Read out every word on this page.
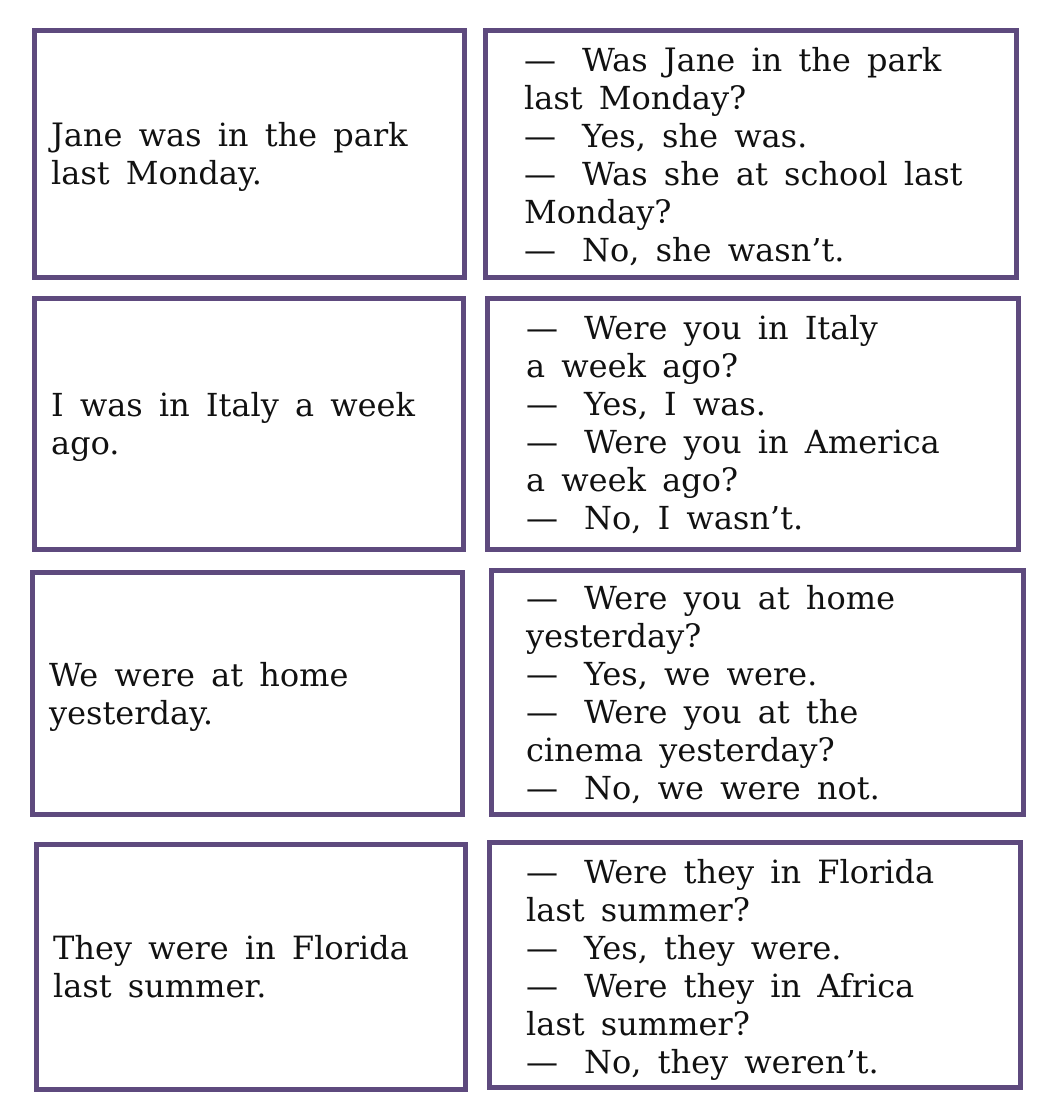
Jane was in the park
last Monday.

— Was Jane in the park
last Monday?
— Yes, she was.
— Was she at school last
Monday?
— No, she wasn’t.

I was in Italy a week
ago.

— Were you in Italy
a week ago?
— Yes, I was.
— Were you in America
a week ago?
— No, I wasn’t.

We were at home
yesterday.

— Were you at home
yesterday?
— Yes, we were.
— Were you at the
cinema yesterday?
— No, we were not.

They were in Florida
last summer.

— Were they in Florida
last summer?
— Yes, they were.
— Were they in Africa
last summer?
— No, they weren’t.
